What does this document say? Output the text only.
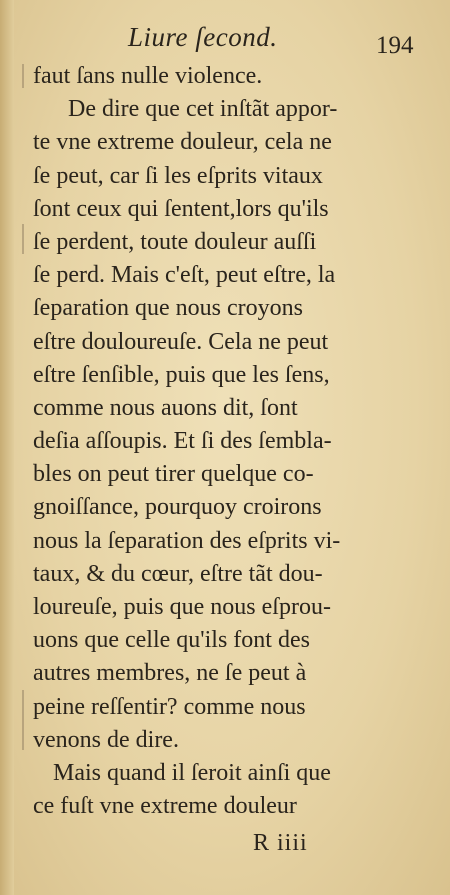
Liure ſecond.	194
faut ſans nulle violence.
De dire que cet inſtãt appor-
te vne extreme douleur, cela ne
ſe peut, car ſi les eſprits vitaux
ſont ceux qui ſentent,lors qu'ils
ſe perdent, toute douleur auſſi
ſe perd. Mais c'eſt, peut eſtre, la
ſeparation que nous croyons
eſtre douloureuſe. Cela ne peut
eſtre ſenſible, puis que les ſens,
comme nous auons dit, ſont
deſia aſſoupis. Et ſi des ſembla-
bles on peut tirer quelque co-
gnoiſſance, pourquoy croirons
nous la ſeparation des eſprits vi-
taux, & du cœur, eſtre tãt dou-
loureuſe, puis que nous eſprou-
uons que celle qu'ils font des
autres membres, ne ſe peut à
peine reſſentir? comme nous
venons de dire.
Mais quand il ſeroit ainſi que
ce fuſt vne extreme douleur
R iiii
